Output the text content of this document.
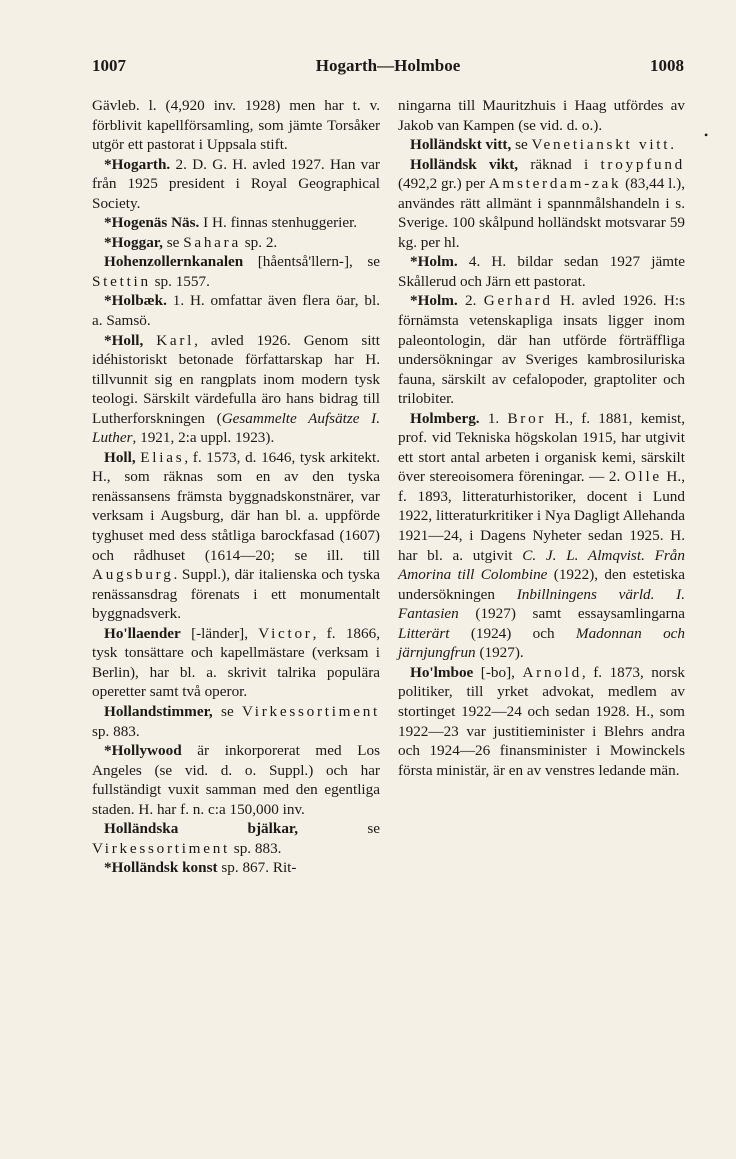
1007	Hogarth—Holmboe	1008
•

Gävleb. l. (4,920 inv. 1928) men har t. v. förblivit kapellförsamling, som jämte Torsåker utgör ett pastorat i Uppsala stift.

*Hogarth. 2. D. G. H. avled 1927. Han var från 1925 president i Royal Geographical Society.

*Hogenäs Näs. I H. finnas stenhuggerier.

*Hoggar, se Sahara sp. 2.

Hohenzollernkanalen [håentså'llern-], se Stettin sp. 1557.

*Holbæk. 1. H. omfattar även flera öar, bl. a. Samsö.

*Holl, Karl, avled 1926. Genom sitt idéhistoriskt betonade författarskap har H. tillvunnit sig en rangplats inom modern tysk teologi. Särskilt värdefulla äro hans bidrag till Lutherforskningen (Gesammelte Aufsätze I. Luther, 1921, 2:a uppl. 1923).

Holl, Elias, f. 1573, d. 1646, tysk arkitekt. H., som räknas som en av den tyska renässansens främsta byggnadskonstnärer, var verksam i Augsburg, där han bl. a. uppförde tyghuset med dess ståtliga barockfasad (1607) och rådhuset (1614—20; se ill. till Augsburg. Suppl.), där italienska och tyska renässansdrag förenats i ett monumentalt byggnadsverk.

Ho'llaender [-länder], Victor, f. 1866, tysk tonsättare och kapellmästare (verksam i Berlin), har bl. a. skrivit talrika populära operetter samt två operor.

Hollandstimmer, se Virkessortiment sp. 883.

*Hollywood är inkorporerat med Los Angeles (se vid. d. o. Suppl.) och har fullständigt vuxit samman med den egentliga staden. H. har f. n. c:a 150,000 inv.

Holländska bjälkar, se Virkessortiment sp. 883.

*Holländsk konst sp. 867. Rit-

ningarna till Mauritzhuis i Haag utfördes av Jakob van Kampen (se vid. d. o.).

Holländskt vitt, se Venetianskt vitt.

Holländsk vikt, räknad i troypfund (492,2 gr.) per Amsterdam-zak (83,44 l.), användes rätt allmänt i spannmålshandeln i s. Sverige. 100 skålpund holländskt motsvarar 59 kg. per hl.

*Holm. 4. H. bildar sedan 1927 jämte Skållerud och Järn ett pastorat.

*Holm. 2. Gerhard H. avled 1926. H:s förnämsta vetenskapliga insats ligger inom paleontologin, där han utförde förträffliga undersökningar av Sveriges kambrosiluriska fauna, särskilt av cefalopoder, graptoliter och trilobiter.

Holmberg. 1. Bror H., f. 1881, kemist, prof. vid Tekniska högskolan 1915, har utgivit ett stort antal arbeten i organisk kemi, särskilt över stereoisomera föreningar. — 2. Olle H., f. 1893, litteraturhistoriker, docent i Lund 1922, litteraturkritiker i Nya Dagligt Allehanda 1921—24, i Dagens Nyheter sedan 1925. H. har bl. a. utgivit C. J. L. Almqvist. Från Amorina till Colombine (1922), den estetiska undersökningen Inbillningens värld. I. Fantasien (1927) samt essaysamlingarna Litterärt (1924) och Madonnan och järnjungfrun (1927).

Ho'lmboe [-bo], Arnold, f. 1873, norsk politiker, till yrket advokat, medlem av stortinget 1922—24 och sedan 1928. H., som 1922—23 var justitieminister i Blehrs andra och 1924—26 finansminister i Mowinckels första ministär, är en av venstres ledande män.
